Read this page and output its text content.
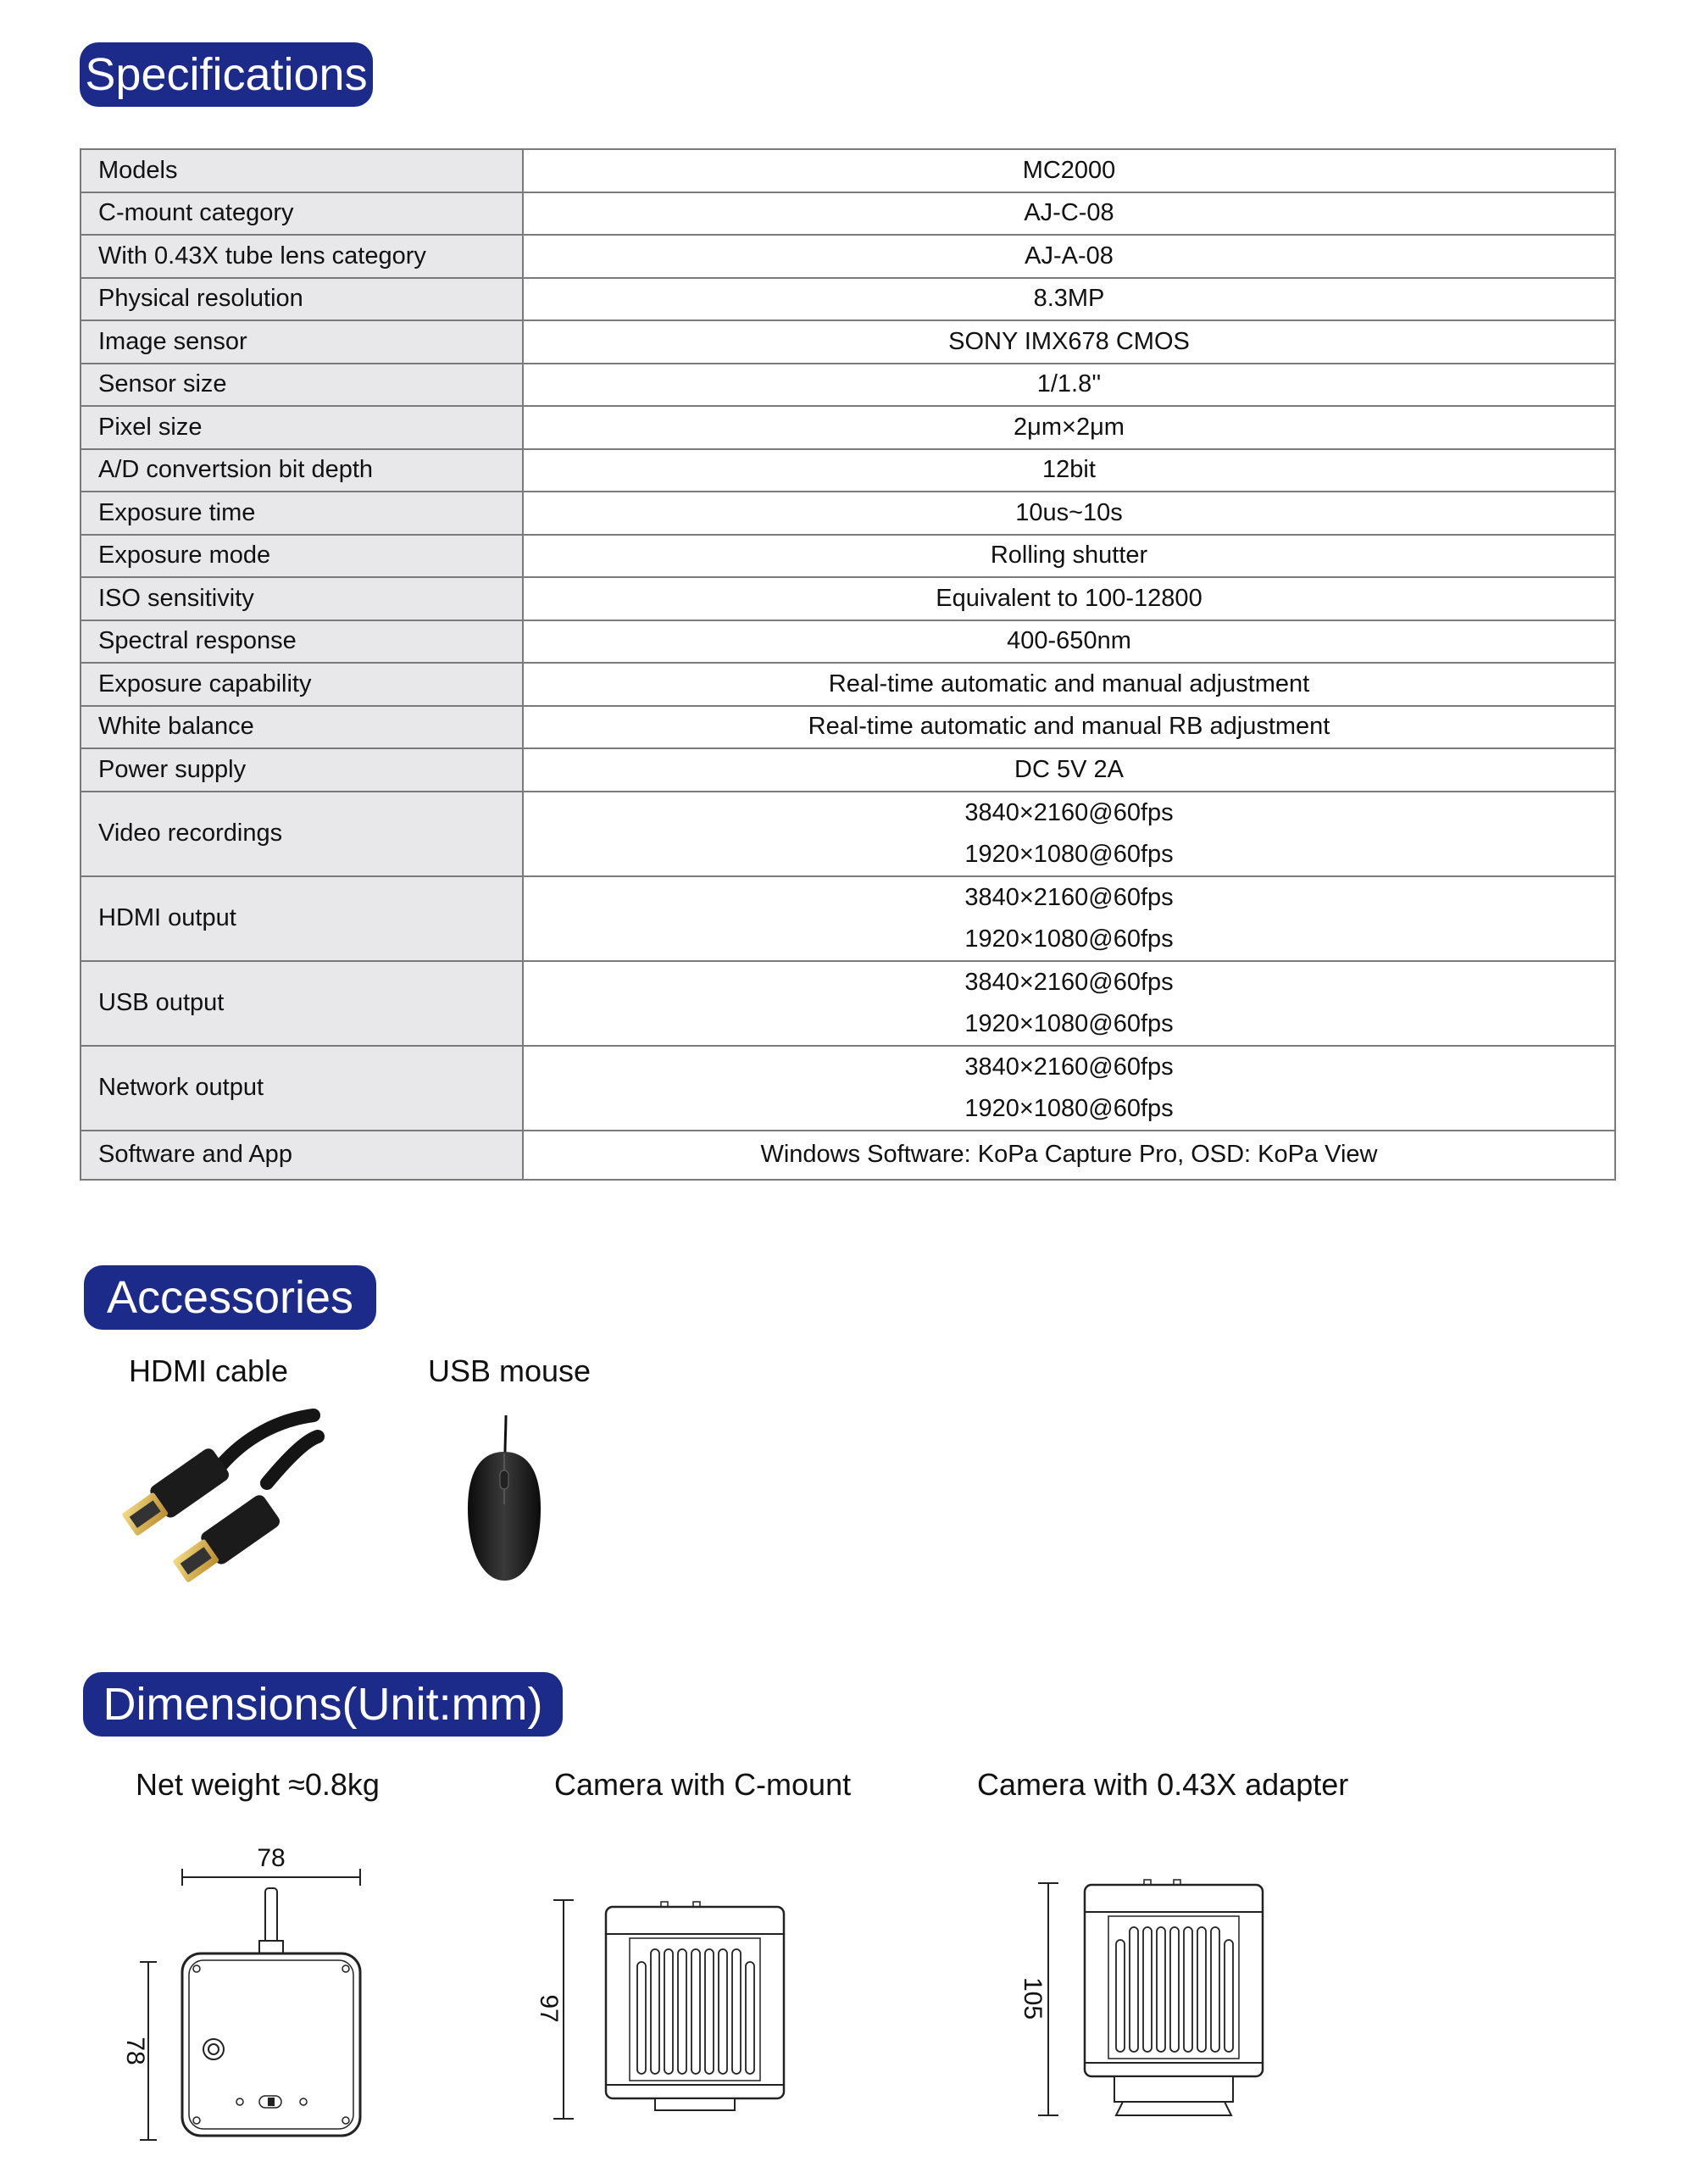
Specifications
Models	MC2000
C-mount category	AJ-C-08
With 0.43X tube lens category	AJ-A-08
Physical resolution	8.3MP
Image sensor	SONY IMX678 CMOS
Sensor size	1/1.8''
Pixel size	2μm×2μm
A/D convertsion bit depth	12bit
Exposure time	10us~10s
Exposure mode	Rolling shutter
ISO sensitivity	Equivalent to 100-12800
Spectral response	400-650nm
Exposure capability	Real-time automatic and manual adjustment
White balance	Real-time automatic and manual RB adjustment
Power supply	DC 5V 2A
Video recordings	3840×2160@60fps
1920×1080@60fps

HDMI output	3840×2160@60fps
1920×1080@60fps

USB output	3840×2160@60fps
1920×1080@60fps

Network output	3840×2160@60fps
1920×1080@60fps

Software and App	Windows Software: KoPa Capture Pro, OSD: KoPa View
Accessories
HDMI cable	USB mouse
Dimensions(Unit:mm)
Net weight ≈0.8kg	Camera with C-mount	Camera with 0.43X adapter
78
78
97	105
